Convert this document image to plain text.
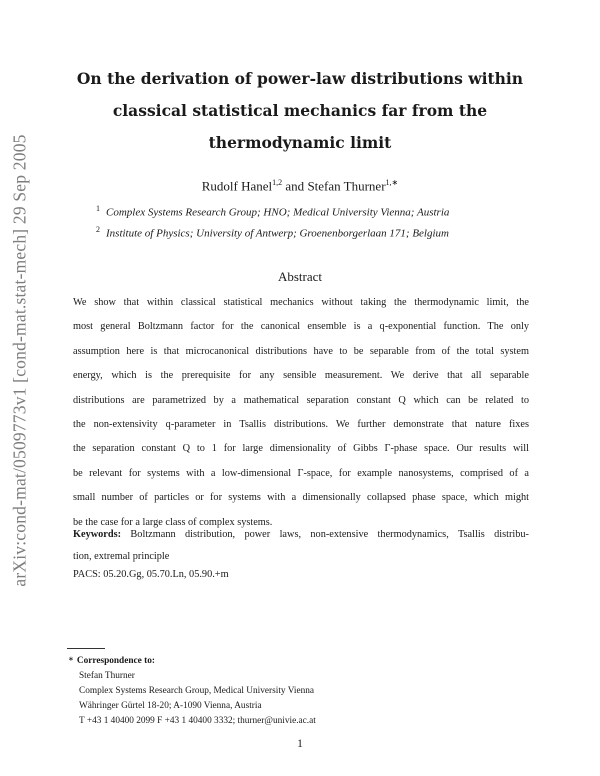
arXiv:cond-mat/0509773v1 [cond-mat.stat-mech] 29 Sep 2005
On the derivation of power-law distributions within
classical statistical mechanics far from the
thermodynamic limit
Rudolf Hanel$^{1,2}$ and Stefan Thurner$^{1,∗}$
$^1$ Complex Systems Research Group; HNO; Medical University Vienna; Austria
$^2$ Institute of Physics; University of Antwerp; Groenenborgerlaan 171; Belgium
Abstract
We show that within classical statistical mechanics without taking the thermodynamic limit, the
most general Boltzmann factor for the canonical ensemble is a q-exponential function. The only
assumption here is that microcanonical distributions have to be separable from of the total system
energy, which is the prerequisite for any sensible measurement. We derive that all separable
distributions are parametrized by a mathematical separation constant Q which can be related to
the non-extensivity q-parameter in Tsallis distributions. We further demonstrate that nature fixes
the separation constant Q to 1 for large dimensionality of Gibbs Γ-phase space. Our results will
be relevant for systems with a low-dimensional Γ-space, for example nanosystems, comprised of a
small number of particles or for systems with a dimensionally collapsed phase space, which might
be the case for a large class of complex systems.
Keywords: Boltzmann distribution, power laws, non-extensive thermodynamics, Tsallis distribu-
tion, extremal principle
PACS: 05.20.Gg, 05.70.Ln, 05.90.+m
∗ Correspondence to:
Stefan Thurner
Complex Systems Research Group, Medical University Vienna
Währinger Gürtel 18-20; A-1090 Vienna, Austria
T +43 1 40400 2099 F +43 1 40400 3332; thurner@univie.ac.at
1
